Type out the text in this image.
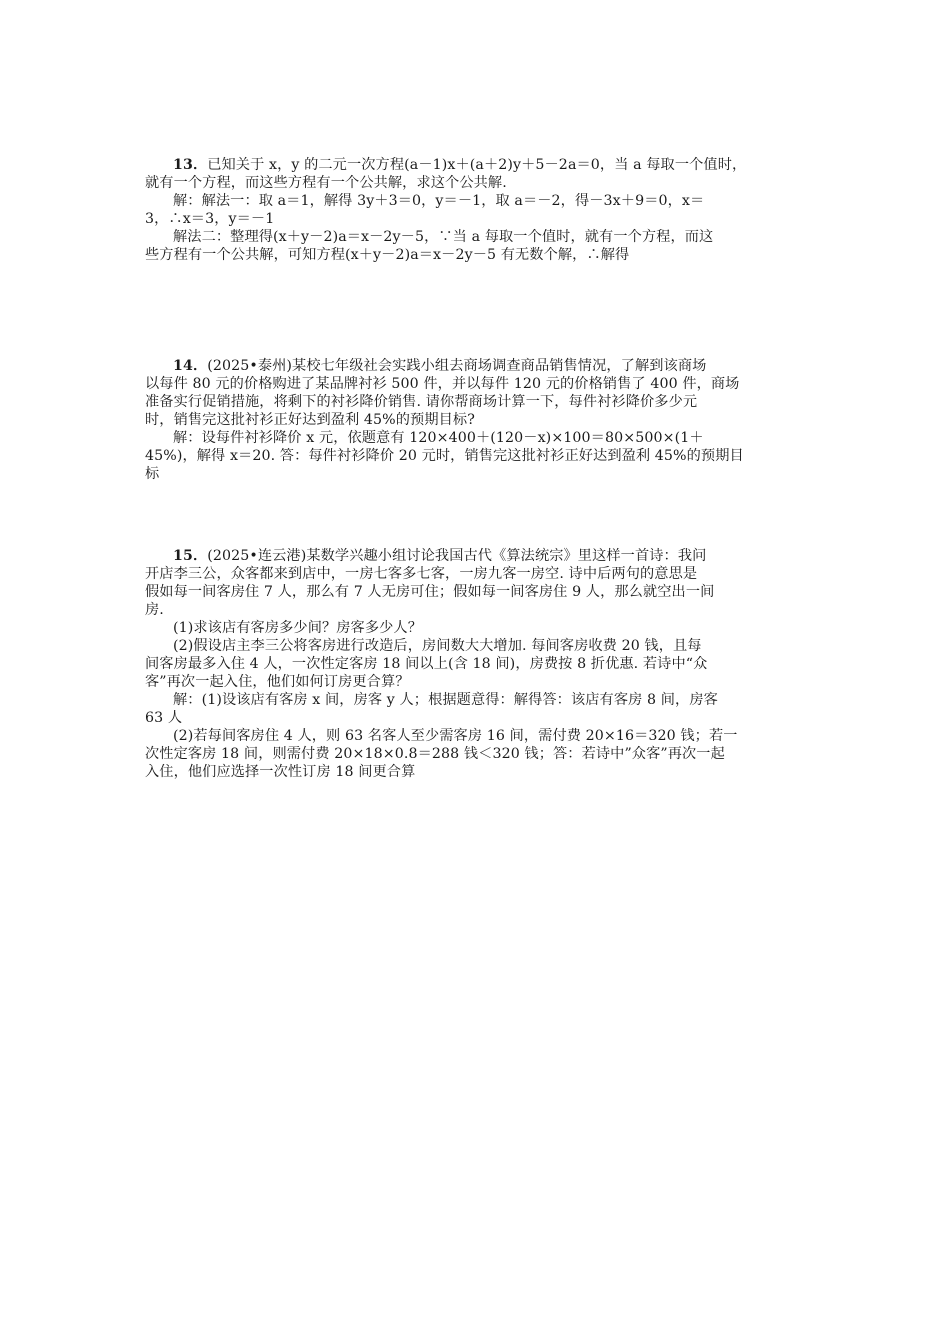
13．已知关于 x，y 的二元一次方程(a－1)x＋(a＋2)y＋5－2a＝0，当 a 每取一个值时，
就有一个方程，而这些方程有一个公共解，求这个公共解.
解：解法一：取 a＝1，解得 3y＋3＝0，y＝－1，取 a＝－2，得－3x＋9＝0，x＝
3，∴x＝3，y＝－1
解法二：整理得(x＋y－2)a＝x－2y－5，∵当 a 每取一个值时，就有一个方程，而这
些方程有一个公共解，可知方程(x＋y－2)a＝x－2y－5 有无数个解，∴解得
14．(2025•泰州)某校七年级社会实践小组去商场调查商品销售情况，了解到该商场
以每件 80 元的价格购进了某品牌衬衫 500 件，并以每件 120 元的价格销售了 400 件，商场
准备实行促销措施，将剩下的衬衫降价销售. 请你帮商场计算一下，每件衬衫降价多少元
时，销售完这批衬衫正好达到盈利 45%的预期目标?
解：设每件衬衫降价 x 元，依题意有 120×400＋(120－x)×100＝80×500×(1＋
45%)，解得 x＝20. 答：每件衬衫降价 20 元时，销售完这批衬衫正好达到盈利 45%的预期目
标
15．(2025•连云港)某数学兴趣小组讨论我国古代《算法统宗》里这样一首诗：我问
开店李三公，众客都来到店中，一房七客多七客，一房九客一房空. 诗中后两句的意思是
假如每一间客房住 7 人，那么有 7 人无房可住；假如每一间客房住 9 人，那么就空出一间
房.
(1)求该店有客房多少间？房客多少人？
(2)假设店主李三公将客房进行改造后，房间数大大增加. 每间客房收费 20 钱，且每
间客房最多入住 4 人，一次性定客房 18 间以上(含 18 间)，房费按 8 折优惠. 若诗中“众
客”再次一起入住，他们如何订房更合算？
解：(1)设该店有客房 x 间，房客 y 人；根据题意得：解得答：该店有客房 8 间，房客
63 人
(2)若每间客房住 4 人，则 63 名客人至少需客房 16 间，需付费 20×16＝320 钱；若一
次性定客房 18 间，则需付费 20×18×0.8＝288 钱＜320 钱；答：若诗中”众客”再次一起
入住，他们应选择一次性订房 18 间更合算
